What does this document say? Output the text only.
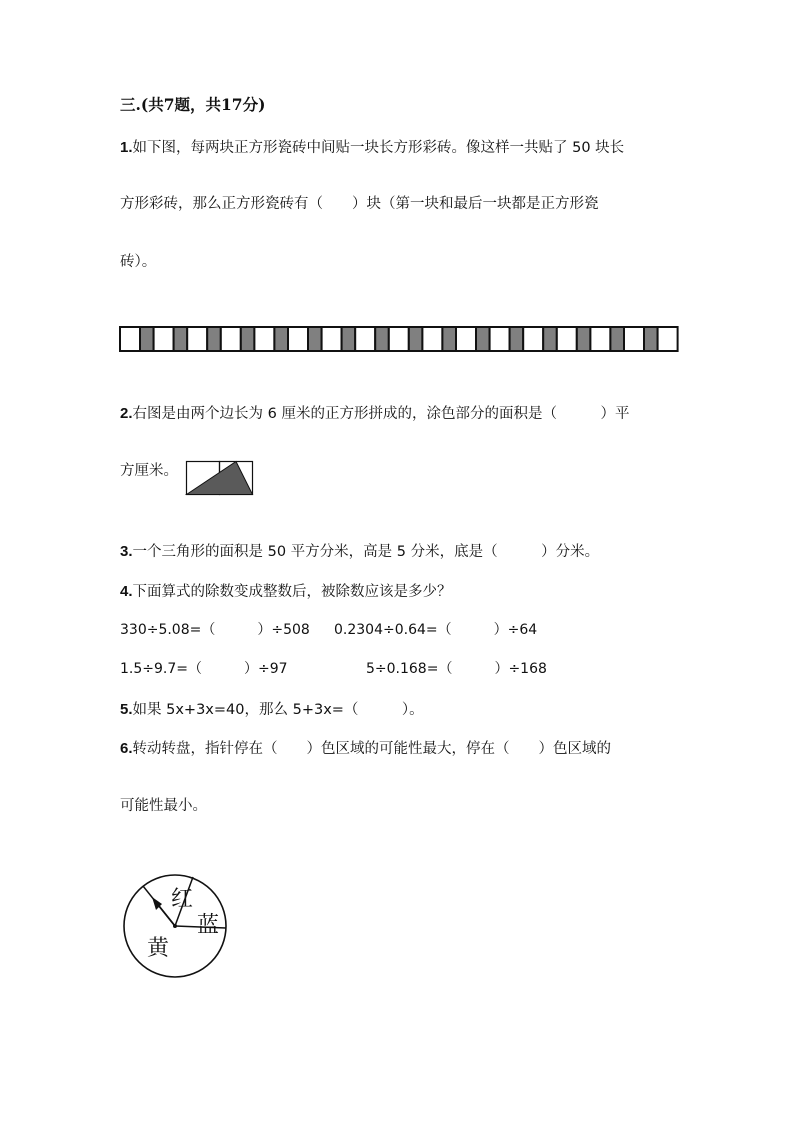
三.(共7题，共17分)

1.如下图，每两块正方形瓷砖中间贴一块长方形彩砖。像这样一共贴了 50 块长

方形彩砖，那么正方形瓷砖有（　　）块（第一块和最后一块都是正方形瓷

砖）。

2.右图是由两个边长为 6 厘米的正方形拼成的，涂色部分的面积是（　　　）平

方厘米。

3.一个三角形的面积是 50 平方分米，高是 5 分米，底是（　　　）分米。

4.下面算式的除数变成整数后，被除数应该是多少？

330÷5.08=（　　　）÷508 0.2304÷0.64=（　　　）÷64

1.5÷9.7=（　　　）÷97	5÷0.168=（　　　）÷168

5.如果 5x+3x=40，那么 5+3x=（　　　）。

6.转动转盘，指针停在（　　）色区域的可能性最大，停在（　　）色区域的

可能性最小。

红
蓝
黄
